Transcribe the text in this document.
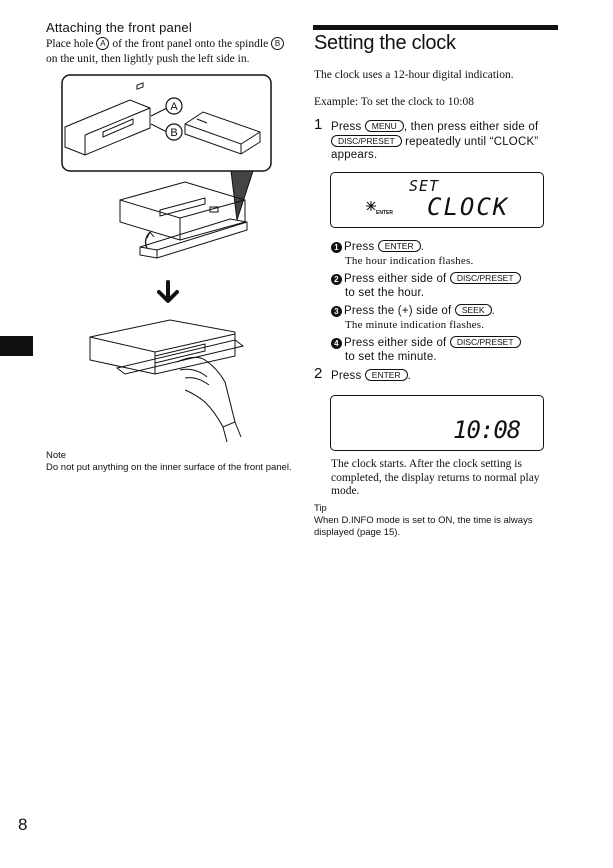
Attaching the front panel
Place hole A of the front panel onto the spindle B on the unit, then lightly push the left side in.
A
B
Note
Do not put anything on the inner surface of the front panel.
Setting the clock
The clock uses a 12-hour digital indication.
Example: To set the clock to 10:08
1 Press MENU , then press either side of DISC/PRESET repeatedly until “CLOCK” appears.
SET
CLOCK
ENTER
1 Press ENTER .
The hour indication flashes.
2 Press either side of DISC/PRESET
to set the hour.
3 Press the (+) side of SEEK .
The minute indication flashes.
4 Press either side of DISC/PRESET
to set the minute.
2 Press ENTER .
10:08
The clock starts. After the clock setting is completed, the display returns to normal play mode.
Tip
When D.INFO mode is set to ON, the time is always displayed (page 15).
8
